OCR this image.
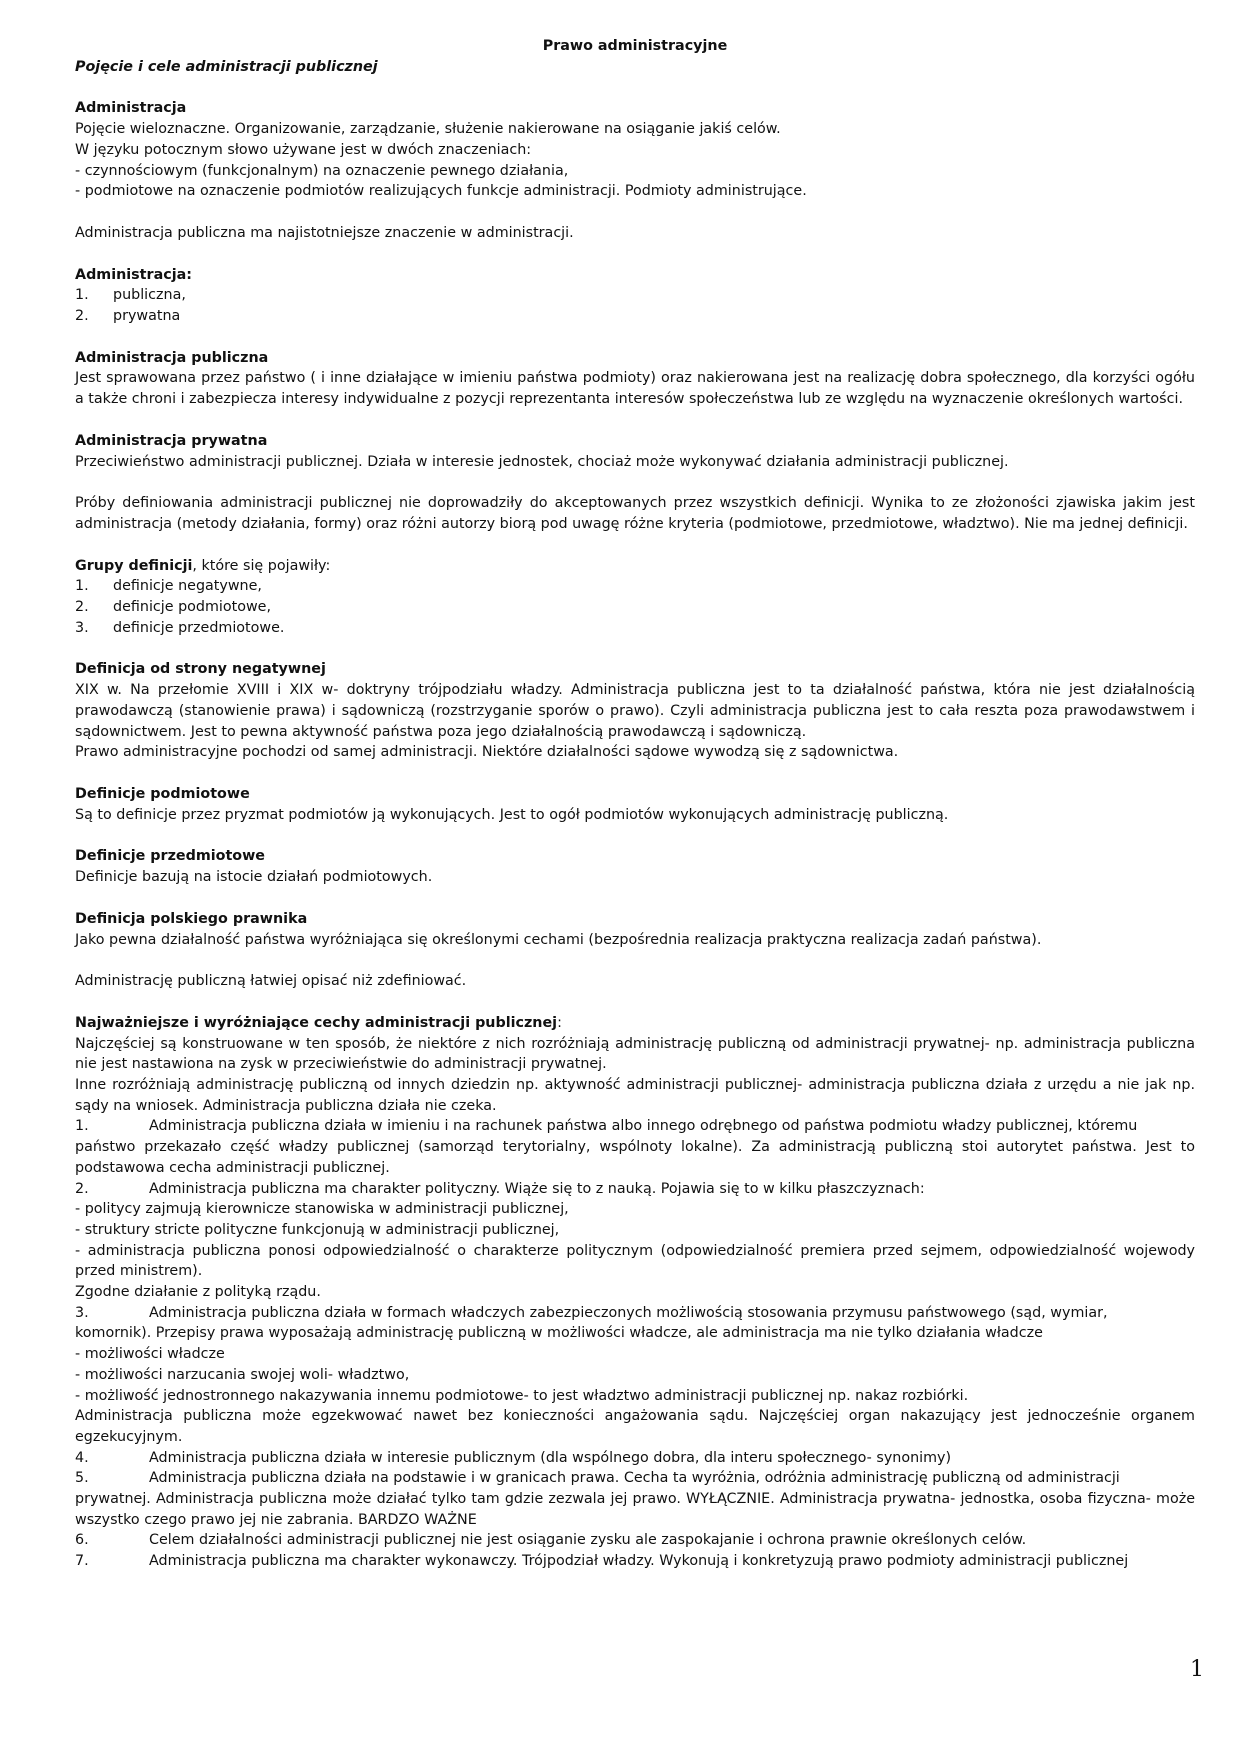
Prawo administracyjne

Pojęcie i cele administracji publicznej

Administracja

Pojęcie wieloznaczne. Organizowanie, zarządzanie, służenie nakierowane na osiąganie jakiś celów.

W języku potocznym słowo używane jest w dwóch znaczeniach:

- czynnościowym (funkcjonalnym) na oznaczenie pewnego działania,

- podmiotowe na oznaczenie podmiotów realizujących funkcje administracji. Podmioty administrujące.

Administracja publiczna ma najistotniejsze znaczenie w administracji.

Administracja:

1.	publiczna,
2.	prywatna

Administracja publiczna

Jest sprawowana przez państwo ( i inne działające w imieniu państwa podmioty) oraz nakierowana jest na realizację dobra społecznego, dla korzyści ogółu a także chroni i zabezpiecza interesy indywidualne z pozycji reprezentanta interesów społeczeństwa lub ze względu na wyznaczenie określonych wartości.

Administracja prywatna

Przeciwieństwo administracji publicznej. Działa w interesie jednostek, chociaż może wykonywać działania administracji publicznej.

Próby definiowania administracji publicznej nie doprowadziły do akceptowanych przez wszystkich definicji. Wynika to ze złożoności zjawiska jakim jest administracja (metody działania, formy) oraz różni autorzy biorą pod uwagę różne kryteria (podmiotowe, przedmiotowe, władztwo). Nie ma jednej definicji.

Grupy definicji, które się pojawiły:

1.	definicje negatywne,
2.	definicje podmiotowe,
3.	definicje przedmiotowe.

Definicja od strony negatywnej

XIX w. Na przełomie XVIII i XIX w- doktryny trójpodziału władzy. Administracja publiczna jest to ta działalność państwa, która nie jest działalnością prawodawczą (stanowienie prawa) i sądowniczą (rozstrzyganie sporów o prawo). Czyli administracja publiczna jest to cała reszta poza prawodawstwem i sądownictwem. Jest to pewna aktywność państwa poza jego działalnością prawodawczą i sądowniczą.

Prawo administracyjne pochodzi od samej administracji. Niektóre działalności sądowe wywodzą się z sądownictwa.

Definicje podmiotowe

Są to definicje przez pryzmat podmiotów ją wykonujących. Jest to ogół podmiotów wykonujących administrację publiczną.

Definicje przedmiotowe

Definicje bazują na istocie działań podmiotowych.

Definicja polskiego prawnika

Jako pewna działalność państwa wyróżniająca się określonymi cechami (bezpośrednia realizacja praktyczna realizacja zadań państwa).

Administrację publiczną łatwiej opisać niż zdefiniować.

Najważniejsze i wyróżniające cechy administracji publicznej:

Najczęściej są konstruowane w ten sposób, że niektóre z nich rozróżniają administrację publiczną od administracji prywatnej- np. administracja publiczna nie jest nastawiona na zysk w przeciwieństwie do administracji prywatnej.

Inne rozróżniają administrację publiczną od innych dziedzin np. aktywność administracji publicznej- administracja publiczna działa z urzędu a nie jak np. sądy na wniosek. Administracja publiczna działa nie czeka.

1.	Administracja publiczna działa w imieniu i na rachunek państwa albo innego odrębnego od państwa podmiotu władzy publicznej, któremu

państwo przekazało część władzy publicznej (samorząd terytorialny, wspólnoty lokalne). Za administracją publiczną stoi autorytet państwa. Jest to podstawowa cecha administracji publicznej.

2.	Administracja publiczna ma charakter polityczny. Wiąże się to z nauką. Pojawia się to w kilku płaszczyznach:

- politycy zajmują kierownicze stanowiska w administracji publicznej,

- struktury stricte polityczne funkcjonują w administracji publicznej,

- administracja publiczna ponosi odpowiedzialność o charakterze politycznym (odpowiedzialność premiera przed sejmem, odpowiedzialność wojewody przed ministrem).

Zgodne działanie z polityką rządu.

3.	Administracja publiczna działa w formach władczych zabezpieczonych możliwością stosowania przymusu państwowego (sąd, wymiar,

komornik). Przepisy prawa wyposażają administrację publiczną w możliwości władcze, ale administracja ma nie tylko działania władcze

- możliwości władcze

- możliwości narzucania swojej woli- władztwo,

- możliwość jednostronnego nakazywania innemu podmiotowe- to jest władztwo administracji publicznej np. nakaz rozbiórki.

Administracja publiczna może egzekwować nawet bez konieczności angażowania sądu. Najczęściej organ nakazujący jest jednocześnie organem egzekucyjnym.

4.	Administracja publiczna działa w interesie publicznym (dla wspólnego dobra, dla interu społecznego- synonimy)
5.	Administracja publiczna działa na podstawie i w granicach prawa. Cecha ta wyróżnia, odróżnia administrację publiczną od administracji

prywatnej. Administracja publiczna może działać tylko tam gdzie zezwala jej prawo. WYŁĄCZNIE. Administracja prywatna- jednostka, osoba fizyczna- może wszystko czego prawo jej nie zabrania. BARDZO WAŻNE

6.	Celem działalności administracji publicznej nie jest osiąganie zysku ale zaspokajanie i ochrona prawnie określonych celów.
7.	Administracja publiczna ma charakter wykonawczy. Trójpodział władzy. Wykonują i konkretyzują prawo podmioty administracji publicznej
1
